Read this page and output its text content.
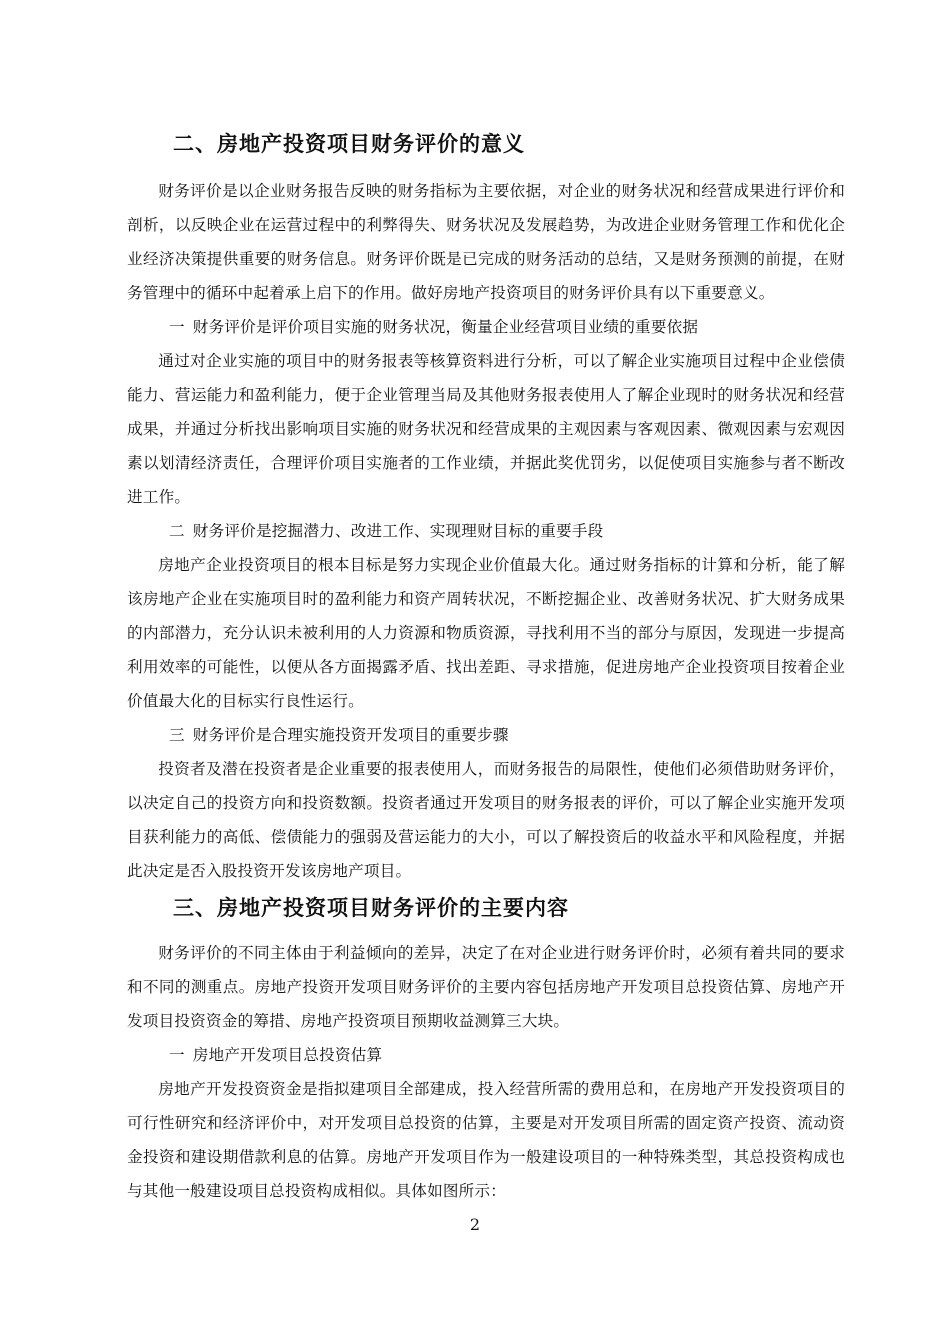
二、房地产投资项目财务评价的意义

财务评价是以企业财务报告反映的财务指标为主要依据，对企业的财务状况和经营成果进行评价和剖析，以反映企业在运营过程中的利弊得失、财务状况及发展趋势，为改进企业财务管理工作和优化企业经济决策提供重要的财务信息。财务评价既是已完成的财务活动的总结，又是财务预测的前提，在财务管理中的循环中起着承上启下的作用。做好房地产投资项目的财务评价具有以下重要意义。

一 财务评价是评价项目实施的财务状况，衡量企业经营项目业绩的重要依据

通过对企业实施的项目中的财务报表等核算资料进行分析，可以了解企业实施项目过程中企业偿债能力、营运能力和盈利能力，便于企业管理当局及其他财务报表使用人了解企业现时的财务状况和经营成果，并通过分析找出影响项目实施的财务状况和经营成果的主观因素与客观因素、微观因素与宏观因素以划清经济责任，合理评价项目实施者的工作业绩，并据此奖优罚劣，以促使项目实施参与者不断改进工作。

二 财务评价是挖掘潜力、改进工作、实现理财目标的重要手段

房地产企业投资项目的根本目标是努力实现企业价值最大化。通过财务指标的计算和分析，能了解该房地产企业在实施项目时的盈利能力和资产周转状况，不断挖掘企业、改善财务状况、扩大财务成果的内部潜力，充分认识未被利用的人力资源和物质资源，寻找利用不当的部分与原因，发现进一步提高利用效率的可能性，以便从各方面揭露矛盾、找出差距、寻求措施，促进房地产企业投资项目按着企业价值最大化的目标实行良性运行。

三 财务评价是合理实施投资开发项目的重要步骤

投资者及潜在投资者是企业重要的报表使用人，而财务报告的局限性，使他们必须借助财务评价，以决定自己的投资方向和投资数额。投资者通过开发项目的财务报表的评价，可以了解企业实施开发项目获利能力的高低、偿债能力的强弱及营运能力的大小，可以了解投资后的收益水平和风险程度，并据此决定是否入股投资开发该房地产项目。

三、房地产投资项目财务评价的主要内容

财务评价的不同主体由于利益倾向的差异，决定了在对企业进行财务评价时，必须有着共同的要求和不同的测重点。房地产投资开发项目财务评价的主要内容包括房地产开发项目总投资估算、房地产开发项目投资资金的筹措、房地产投资项目预期收益测算三大块。

一 房地产开发项目总投资估算

房地产开发投资资金是指拟建项目全部建成，投入经营所需的费用总和，在房地产开发投资项目的可行性研究和经济评价中，对开发项目总投资的估算，主要是对开发项目所需的固定资产投资、流动资金投资和建设期借款利息的估算。房地产开发项目作为一般建设项目的一种特殊类型，其总投资构成也与其他一般建设项目总投资构成相似。具体如图所示：

2
